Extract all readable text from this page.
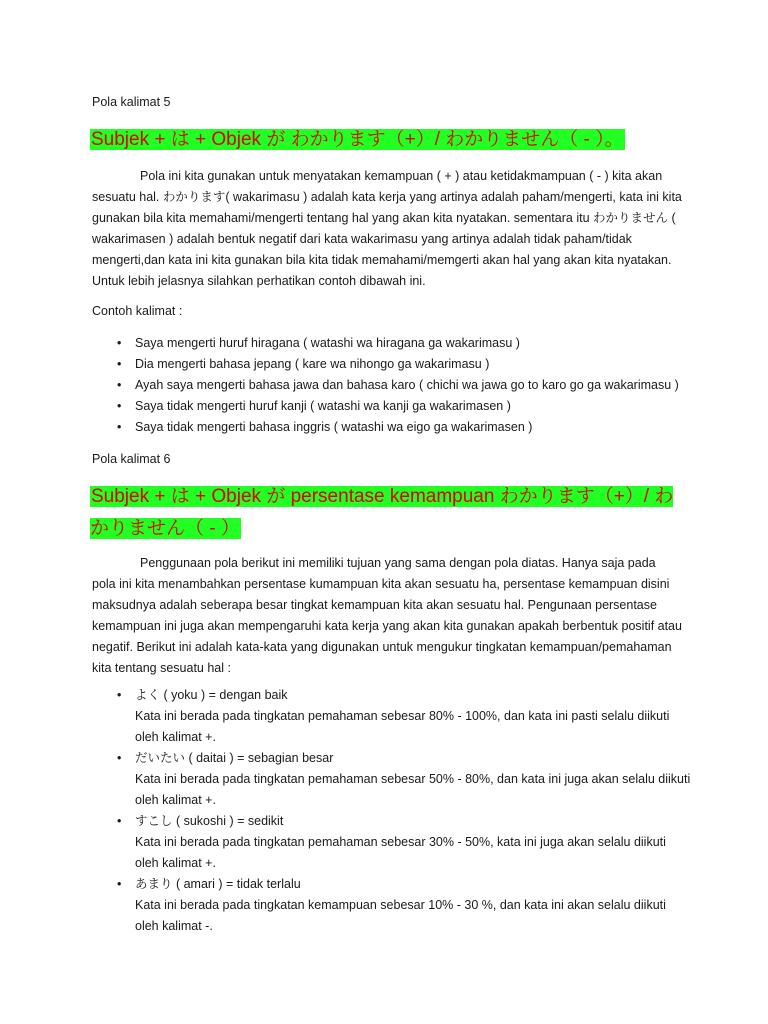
Pola kalimat 5
Subjek + は + Objek が わかります（+）/ わかりません（ - ）。

Pola ini kita gunakan untuk menyatakan kemampuan ( + ) atau ketidakmampuan ( - ) kita akan sesuatu hal. わかります( wakarimasu ) adalah kata kerja yang artinya adalah paham/mengerti, kata ini kita gunakan bila kita memahami/mengerti tentang hal yang akan kita nyatakan. sementara itu わかりません ( wakarimasen ) adalah bentuk negatif dari kata wakarimasu yang artinya adalah tidak paham/tidak mengerti,dan kata ini kita gunakan bila kita tidak memahami/memgerti akan hal yang akan kita nyatakan. Untuk lebih jelasnya silahkan perhatikan contoh dibawah ini.

Contoh kalimat :
• Saya mengerti huruf hiragana ( watashi wa hiragana ga wakarimasu )
• Dia mengerti bahasa jepang ( kare wa nihongo ga wakarimasu )
• Ayah saya mengerti bahasa jawa dan bahasa karo ( chichi wa jawa go to karo go ga wakarimasu )
• Saya tidak mengerti huruf kanji ( watashi wa kanji ga wakarimasen )
• Saya tidak mengerti bahasa inggris ( watashi wa eigo ga wakarimasen )
Pola kalimat 6
Subjek + は + Objek が persentase kemampuan わかります（+）/ わかりません（ - ）

Penggunaan pola berikut ini memiliki tujuan yang sama dengan pola diatas. Hanya saja pada pola ini kita menambahkan persentase kumampuan kita akan sesuatu ha, persentase kemampuan disini maksudnya adalah seberapa besar tingkat kemampuan kita akan sesuatu hal. Pengunaan persentase kemampuan ini juga akan mempengaruhi kata kerja yang akan kita gunakan apakah berbentuk positif atau negatif. Berikut ini adalah kata-kata yang digunakan untuk mengukur tingkatan kemampuan/pemahaman kita tentang sesuatu hal :

• よく ( yoku ) = dengan baik
Kata ini berada pada tingkatan pemahaman sebesar 80% - 100%, dan kata ini pasti selalu diikuti oleh kalimat +.
• だいたい ( daitai ) = sebagian besar
Kata ini berada pada tingkatan pemahaman sebesar 50% - 80%, dan kata ini juga akan selalu diikuti oleh kalimat +.
• すこし ( sukoshi ) = sedikit
Kata ini berada pada tingkatan pemahaman sebesar 30% - 50%, kata ini juga akan selalu diikuti oleh kalimat +.
• あまり ( amari ) = tidak terlalu
Kata ini berada pada tingkatan kemampuan sebesar 10% - 30 %, dan kata ini akan selalu diikuti oleh kalimat -.
